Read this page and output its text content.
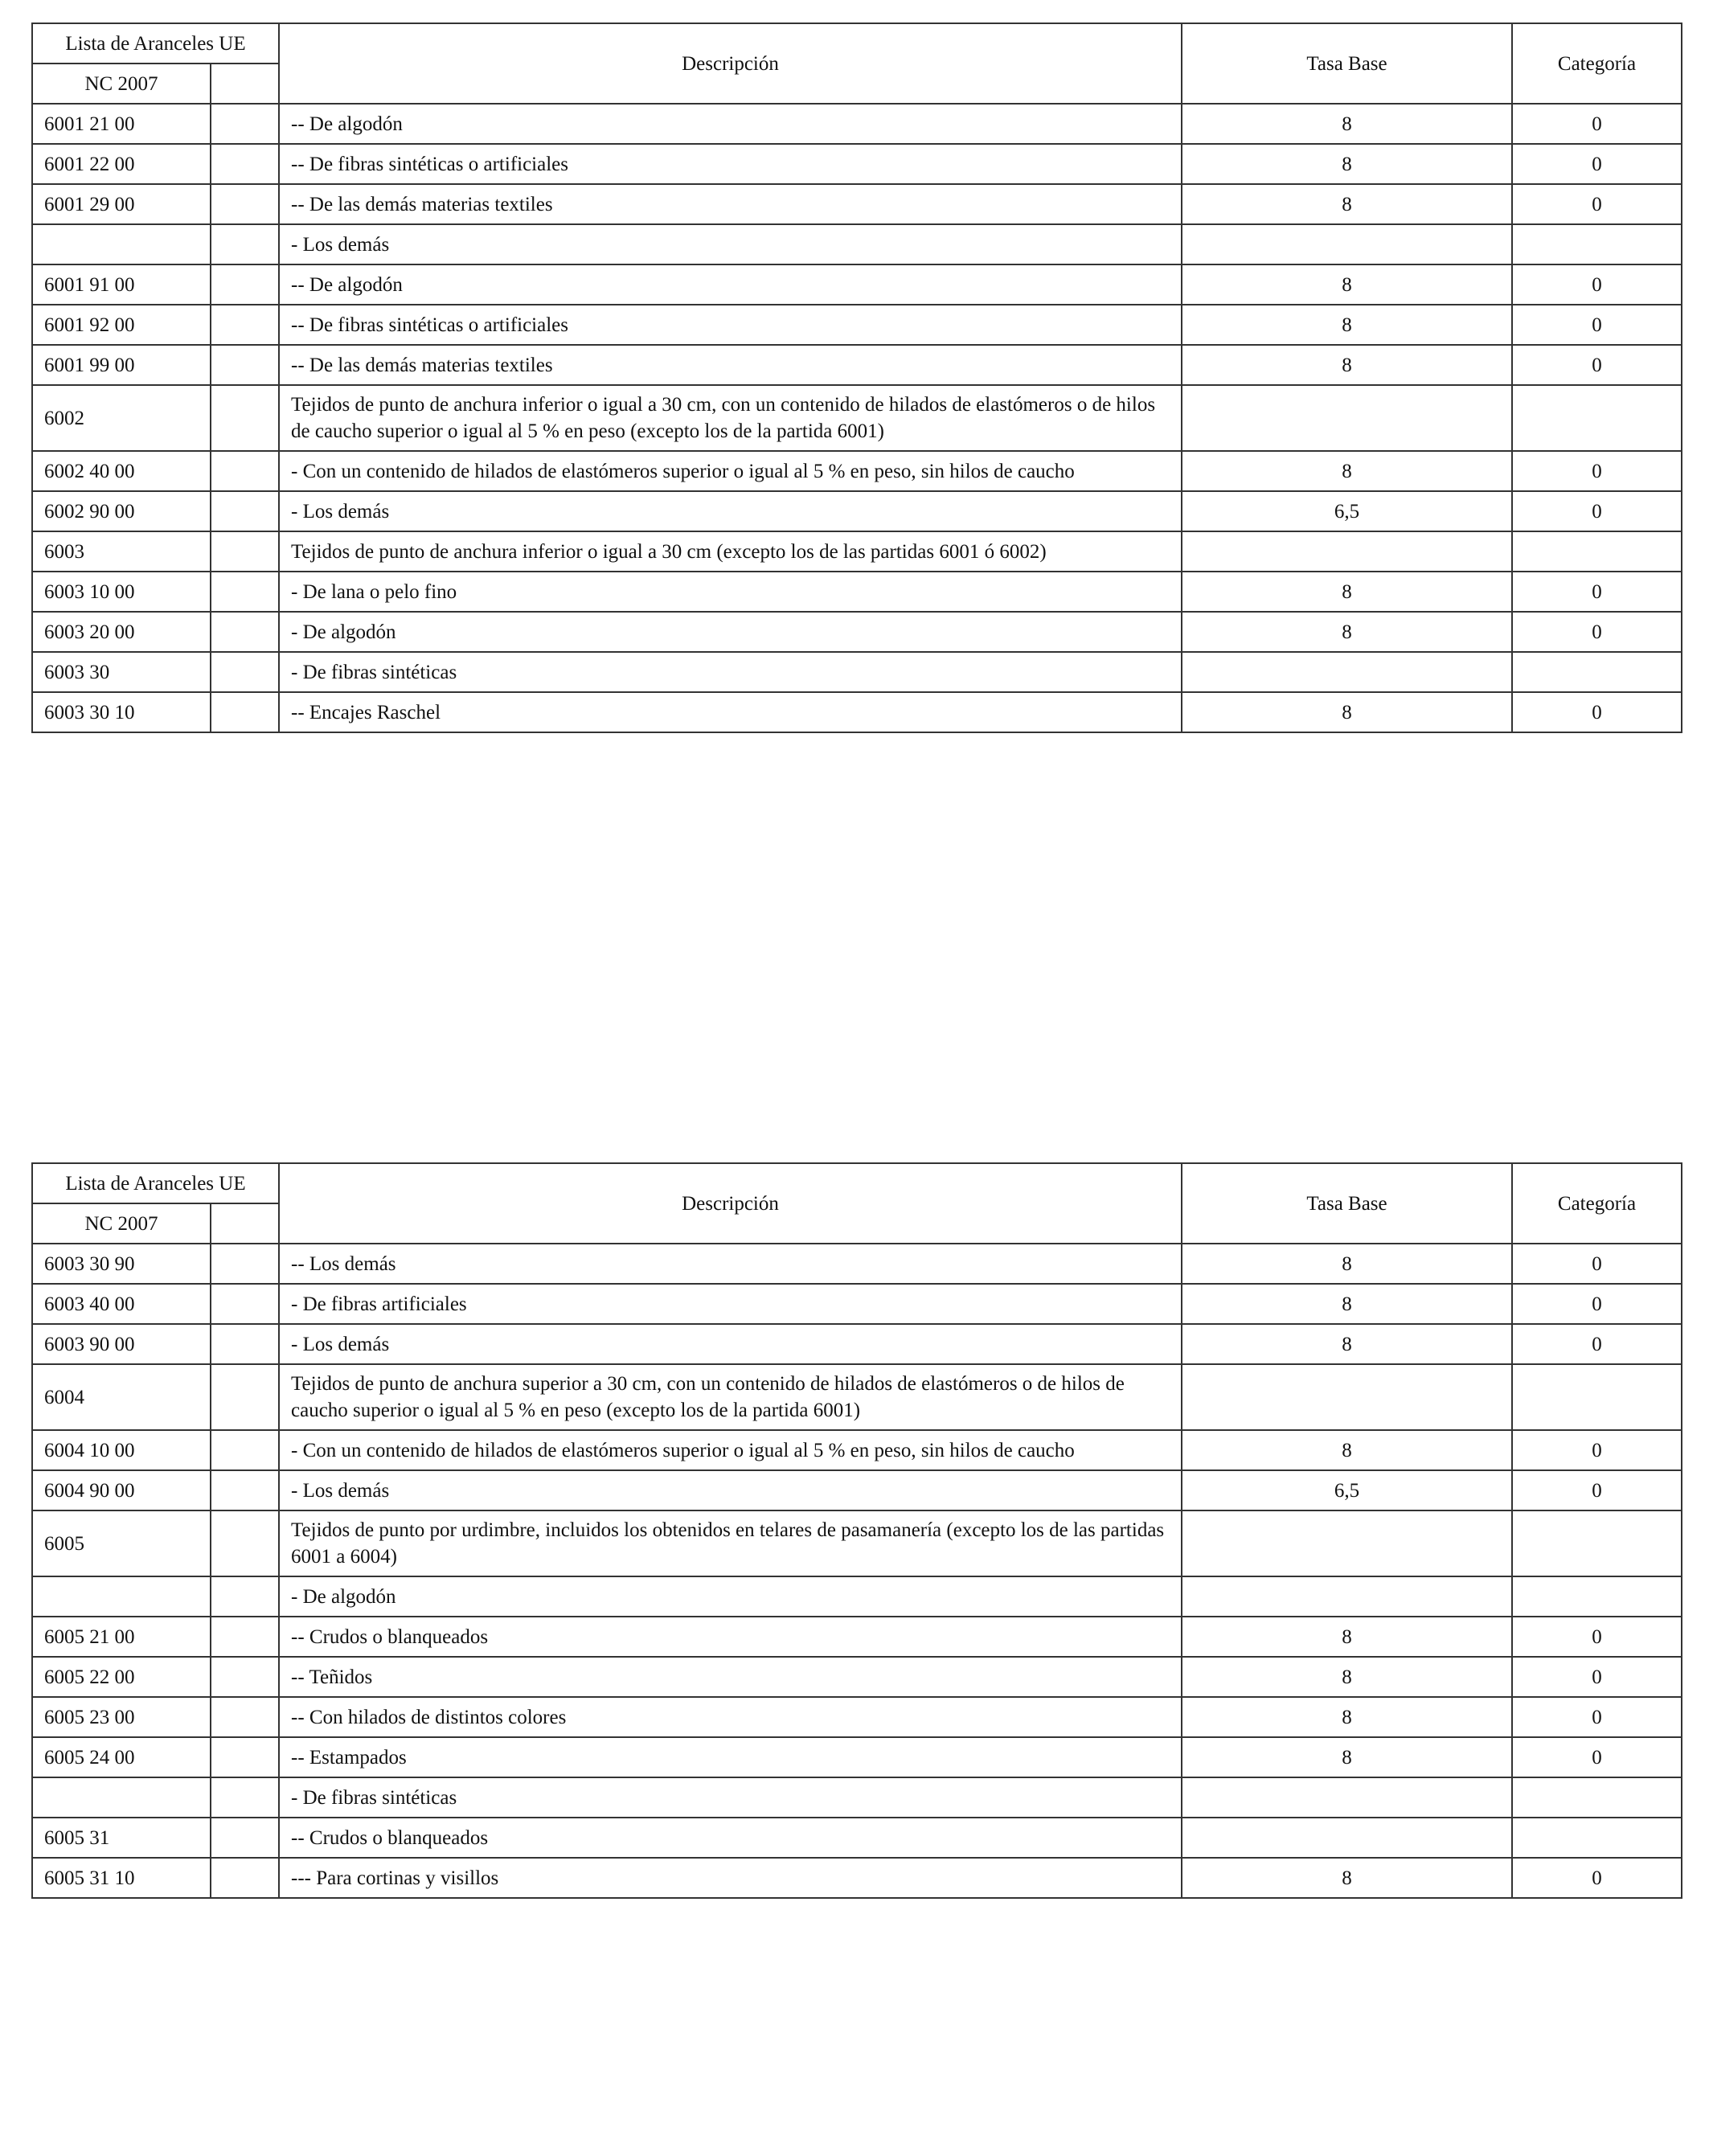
Lista de Aranceles UE		Descripción	Tasa Base	Categoría
NC 2007				
6001 21 00		-- De algodón	8	0
6001 22 00		-- De fibras sintéticas o artificiales	8	0
6001 29 00		-- De las demás materias textiles	8	0
		- Los demás		
6001 91 00		-- De algodón	8	0
6001 92 00		-- De fibras sintéticas o artificiales	8	0
6001 99 00		-- De las demás materias textiles	8	0
6002		Tejidos de punto de anchura inferior o igual a 30 cm, con un contenido de hilados de elastómeros o de hilos de caucho superior o igual al 5 % en peso (excepto los de la partida 6001)		
6002 40 00		- Con un contenido de hilados de elastómeros superior o igual al 5 % en peso, sin hilos de caucho	8	0
6002 90 00		- Los demás	6,5	0
6003		Tejidos de punto de anchura inferior o igual a 30 cm (excepto los de las partidas 6001 ó 6002)		
6003 10 00		- De lana o pelo fino	8	0
6003 20 00		- De algodón	8	0
6003 30		- De fibras sintéticas		
6003 30 10		-- Encajes Raschel	8	0
Lista de Aranceles UE		Descripción	Tasa Base	Categoría
NC 2007				
6003 30 90		-- Los demás	8	0
6003 40 00		- De fibras artificiales	8	0
6003 90 00		- Los demás	8	0
6004		Tejidos de punto de anchura superior a 30 cm, con un contenido de hilados de elastómeros o de hilos de caucho superior o igual al 5 % en peso (excepto los de la partida 6001)		
6004 10 00		- Con un contenido de hilados de elastómeros superior o igual al 5 % en peso, sin hilos de caucho	8	0
6004 90 00		- Los demás	6,5	0
6005		Tejidos de punto por urdimbre, incluidos los obtenidos en telares de pasamanería (excepto los de las partidas 6001 a 6004)		
		- De algodón		
6005 21 00		-- Crudos o blanqueados	8	0
6005 22 00		-- Teñidos	8	0
6005 23 00		-- Con hilados de distintos colores	8	0
6005 24 00		-- Estampados	8	0
		- De fibras sintéticas		
6005 31		-- Crudos o blanqueados		
6005 31 10		--- Para cortinas y visillos	8	0
